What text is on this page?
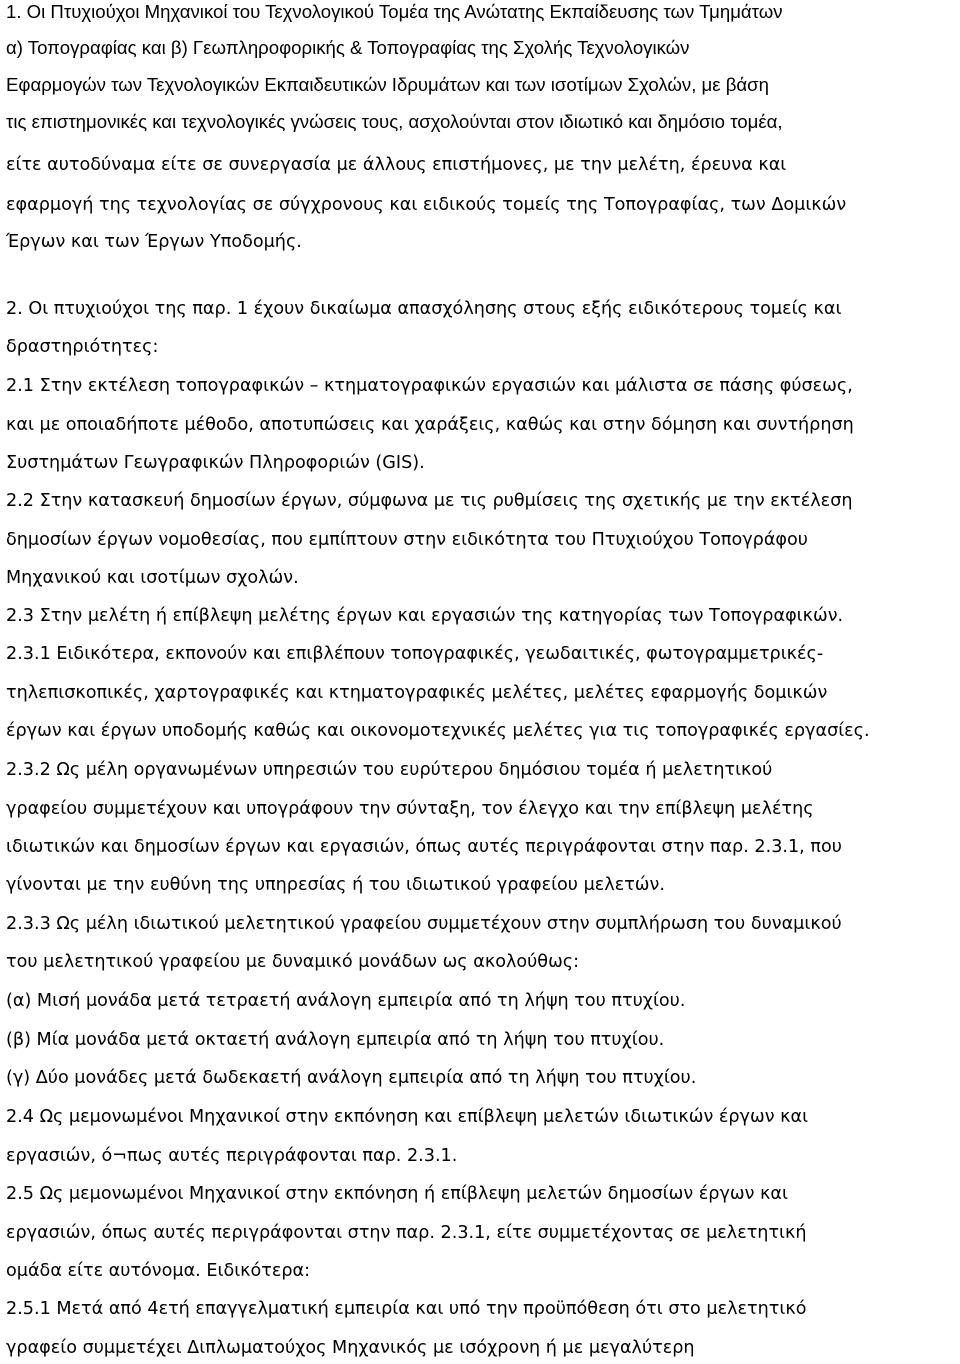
1. Οι Πτυχιούχοι Μηχανικοί του Τεχνολογικού Τομέα της Ανώτατης Εκπαίδευσης των Τμημάτων
α) Τοπογραφίας και β) Γεωπληροφορικής & Τοπογραφίας της Σχολής Τεχνολογικών
Εφαρμογών των Τεχνολογικών Εκπαιδευτικών Ιδρυμάτων και των ισοτίμων Σχολών, με βάση
τις επιστημονικές και τεχνολογικές γνώσεις τους, ασχολούνται στον ιδιωτικό και δημόσιο τομέα,
είτε αυτοδύναμα είτε σε συνεργασία με άλλους επιστήμονες, με την μελέτη, έρευνα και
εφαρμογή της τεχνολογίας σε σύγχρονους και ειδικούς τομείς της Τοπογραφίας, των Δομικών
Έργων και των Έργων Υποδομής.
2. Οι πτυχιούχοι της παρ. 1 έχουν δικαίωμα απασχόλησης στους εξής ειδικότερους τομείς και
δραστηριότητες:
2.1 Στην εκτέλεση τοπογραφικών – κτηματογραφικών εργασιών και μάλιστα σε πάσης φύσεως,
και με οποιαδήποτε μέθοδο, αποτυπώσεις και χαράξεις, καθώς και στην δόμηση και συντήρηση
Συστημάτων Γεωγραφικών Πληροφοριών (GIS).
2.2 Στην κατασκευή δημοσίων έργων, σύμφωνα με τις ρυθμίσεις της σχετικής με την εκτέλεση
δημοσίων έργων νομοθεσίας, που εμπίπτουν στην ειδικότητα του Πτυχιούχου Τοπογράφου
Μηχανικού και ισοτίμων σχολών.
2.3 Στην μελέτη ή επίβλεψη μελέτης έργων και εργασιών της κατηγορίας των Τοπογραφικών.
2.3.1 Ειδικότερα, εκπονούν και επιβλέπουν τοπογραφικές, γεωδαιτικές, φωτογραμμετρικές-
τηλεπισκοπικές, χαρτογραφικές και κτηματογραφικές μελέτες, μελέτες εφαρμογής δομικών
έργων και έργων υποδομής καθώς και οικονομοτεχνικές μελέτες για τις τοπογραφικές εργασίες.
2.3.2 Ως μέλη οργανωμένων υπηρεσιών του ευρύτερου δημόσιου τομέα ή μελετητικού
γραφείου συμμετέχουν και υπογράφουν την σύνταξη, τον έλεγχο και την επίβλεψη μελέτης
ιδιωτικών και δημοσίων έργων και εργασιών, όπως αυτές περιγράφονται στην παρ. 2.3.1, που
γίνονται με την ευθύνη της υπηρεσίας ή του ιδιωτικού γραφείου μελετών.
2.3.3 Ως μέλη ιδιωτικού μελετητικού γραφείου συμμετέχουν στην συμπλήρωση του δυναμικού
του μελετητικού γραφείου με δυναμικό μονάδων ως ακολούθως:
(α) Μισή μονάδα μετά τετραετή ανάλογη εμπειρία από τη λήψη του πτυχίου.
(β) Μία μονάδα μετά οκταετή ανάλογη εμπειρία από τη λήψη του πτυχίου.
(γ) Δύο μονάδες μετά δωδεκαετή ανάλογη εμπειρία από τη λήψη του πτυχίου.
2.4 Ως μεμονωμένοι Μηχανικοί στην εκπόνηση και επίβλεψη μελετών ιδιωτικών έργων και
εργασιών, ό¬πως αυτές περιγράφονται παρ. 2.3.1.
2.5 Ως μεμονωμένοι Μηχανικοί στην εκπόνηση ή επίβλεψη μελετών δημοσίων έργων και
εργασιών, όπως αυτές περιγράφονται στην παρ. 2.3.1, είτε συμμετέχοντας σε μελετητική
ομάδα είτε αυτόνομα. Ειδικότερα:
2.5.1 Μετά από 4ετή επαγγελματική εμπειρία και υπό την προϋπόθεση ότι στο μελετητικό
γραφείο συμμετέχει Διπλωματούχος Μηχανικός με ισόχρονη ή με μεγαλύτερη
